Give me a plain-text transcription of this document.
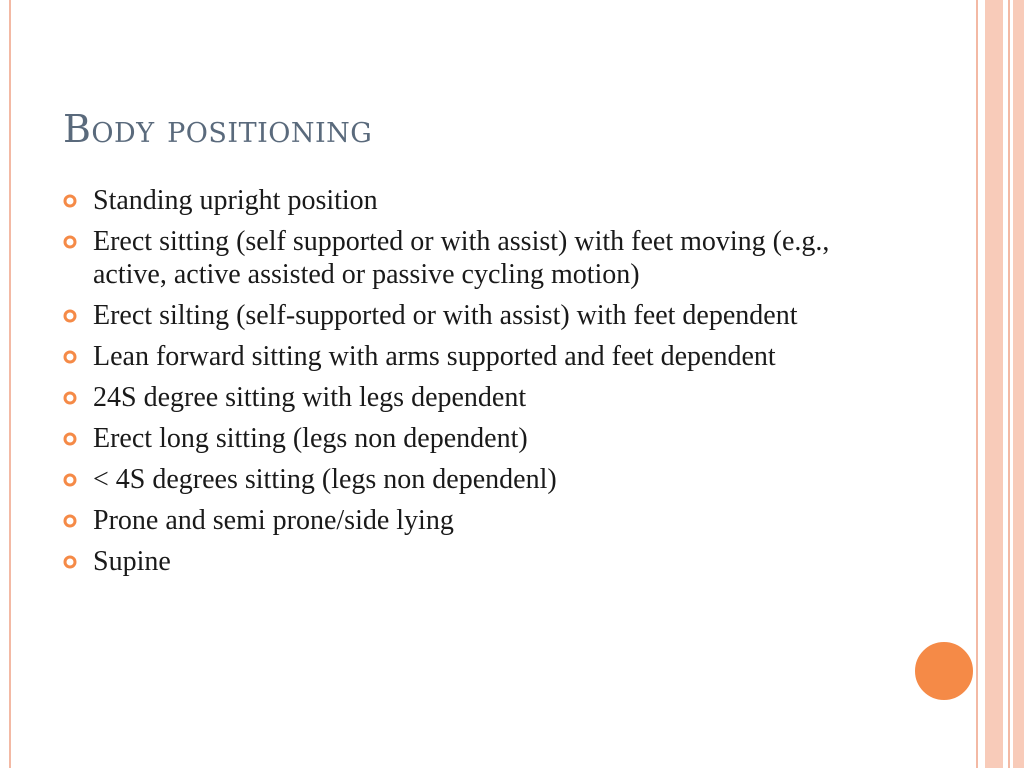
Body positioning
Standing upright position
Erect sitting (self supported or with assist) with feet moving (e.g., active, active assisted or passive cycling motion)
Erect silting (self-supported or with assist) with feet dependent
Lean forward sitting with arms supported and feet dependent
24S degree sitting with legs dependent
Erect long sitting (legs non dependent)
< 4S degrees sitting (legs non dependenl)
Prone and semi prone/side lying
Supine
